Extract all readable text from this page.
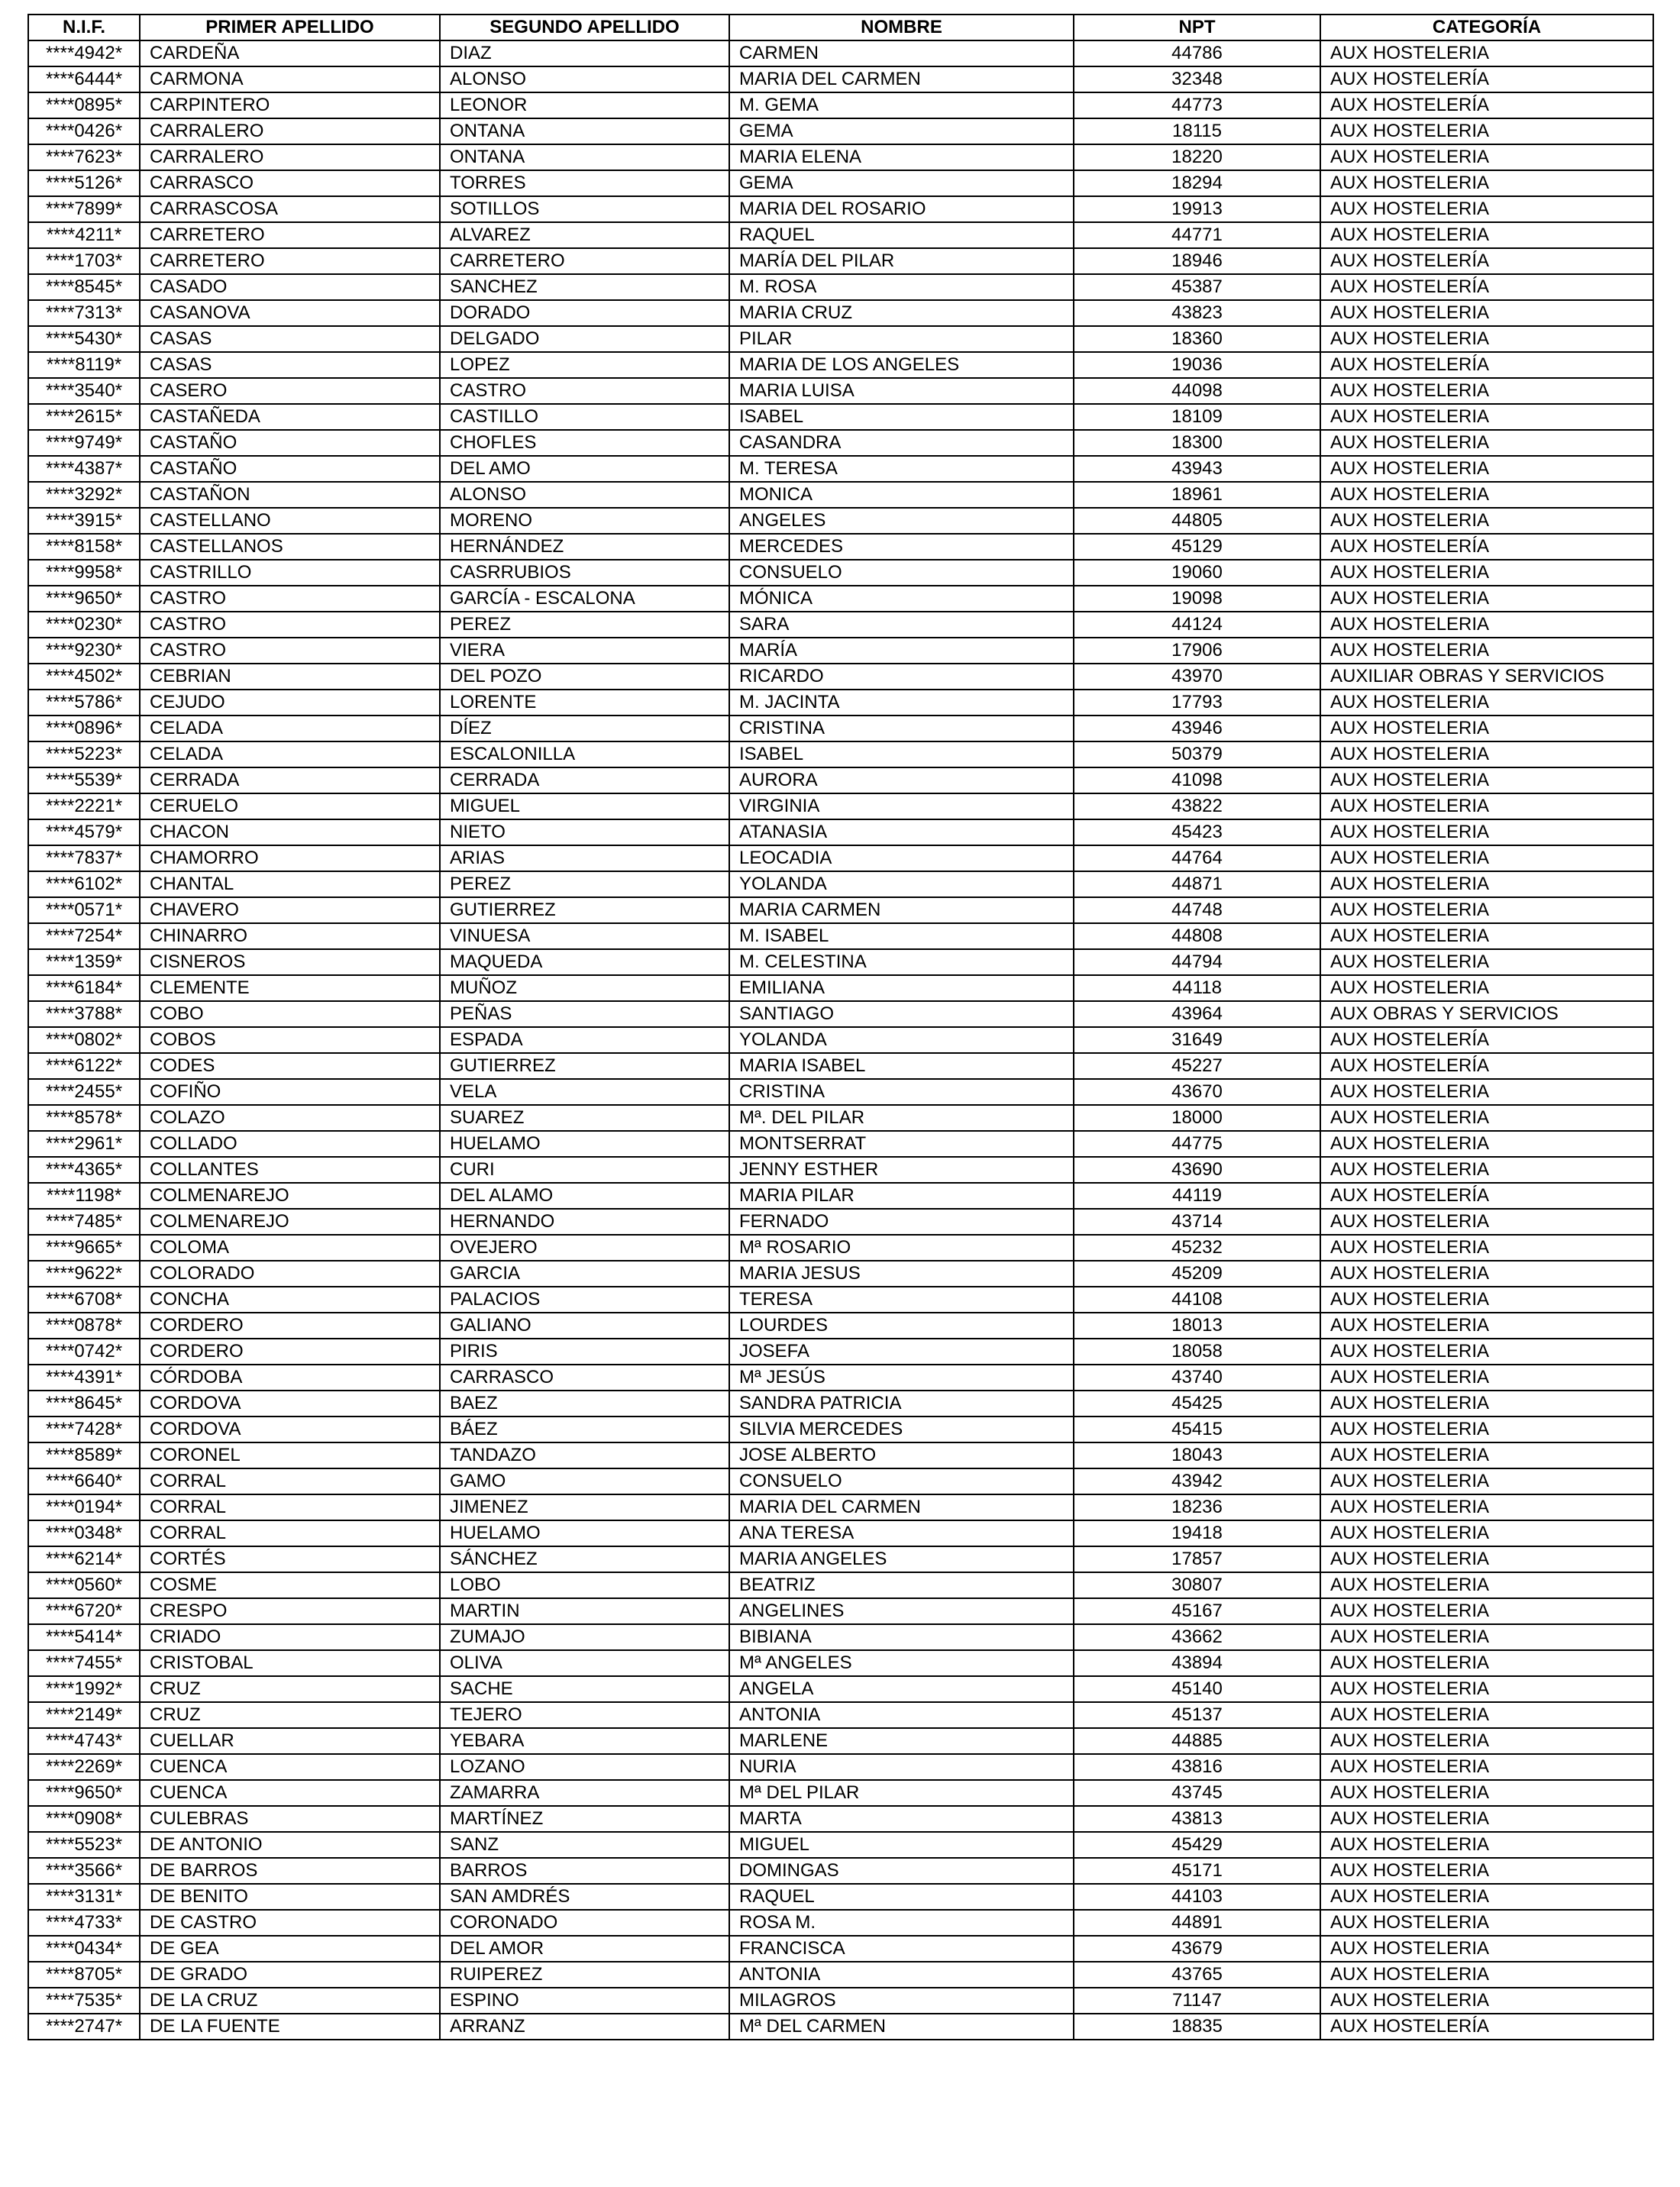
N.I.F.	PRIMER APELLIDO	SEGUNDO APELLIDO	NOMBRE	NPT	CATEGORÍA
****4942*	CARDEÑA	DIAZ	CARMEN	44786	AUX HOSTELERIA
****6444*	CARMONA	ALONSO	MARIA DEL CARMEN	32348	AUX HOSTELERÍA
****0895*	CARPINTERO	LEONOR	M. GEMA	44773	AUX HOSTELERÍA
****0426*	CARRALERO	ONTANA	GEMA	18115	AUX HOSTELERIA
****7623*	CARRALERO	ONTANA	MARIA ELENA	18220	AUX HOSTELERIA
****5126*	CARRASCO	TORRES	GEMA	18294	AUX HOSTELERIA
****7899*	CARRASCOSA	SOTILLOS	MARIA DEL ROSARIO	19913	AUX HOSTELERIA
****4211*	CARRETERO	ALVAREZ	RAQUEL	44771	AUX HOSTELERIA
****1703*	CARRETERO	CARRETERO	MARÍA DEL PILAR	18946	AUX HOSTELERÍA
****8545*	CASADO	SANCHEZ	M. ROSA	45387	AUX HOSTELERÍA
****7313*	CASANOVA	DORADO	MARIA CRUZ	43823	AUX HOSTELERIA
****5430*	CASAS	DELGADO	PILAR	18360	AUX HOSTELERIA
****8119*	CASAS	LOPEZ	MARIA DE LOS ANGELES	19036	AUX HOSTELERÍA
****3540*	CASERO	CASTRO	MARIA LUISA	44098	AUX HOSTELERIA
****2615*	CASTAÑEDA	CASTILLO	ISABEL	18109	AUX HOSTELERIA
****9749*	CASTAÑO	CHOFLES	CASANDRA	18300	AUX HOSTELERIA
****4387*	CASTAÑO	DEL AMO	M. TERESA	43943	AUX HOSTELERIA
****3292*	CASTAÑON	ALONSO	MONICA	18961	AUX HOSTELERIA
****3915*	CASTELLANO	MORENO	ANGELES	44805	AUX HOSTELERIA
****8158*	CASTELLANOS	HERNÁNDEZ	MERCEDES	45129	AUX HOSTELERÍA
****9958*	CASTRILLO	CASRRUBIOS	CONSUELO	19060	AUX HOSTELERIA
****9650*	CASTRO	GARCÍA - ESCALONA	MÓNICA	19098	AUX HOSTELERIA
****0230*	CASTRO	PEREZ	SARA	44124	AUX HOSTELERIA
****9230*	CASTRO	VIERA	MARÍA	17906	AUX HOSTELERIA
****4502*	CEBRIAN	DEL POZO	RICARDO	43970	AUXILIAR OBRAS Y SERVICIOS
****5786*	CEJUDO	LORENTE	M. JACINTA	17793	AUX HOSTELERIA
****0896*	CELADA	DÍEZ	CRISTINA	43946	AUX HOSTELERIA
****5223*	CELADA	ESCALONILLA	ISABEL	50379	AUX HOSTELERIA
****5539*	CERRADA	CERRADA	AURORA	41098	AUX HOSTELERIA
****2221*	CERUELO	MIGUEL	VIRGINIA	43822	AUX HOSTELERIA
****4579*	CHACON	NIETO	ATANASIA	45423	AUX HOSTELERIA
****7837*	CHAMORRO	ARIAS	LEOCADIA	44764	AUX HOSTELERIA
****6102*	CHANTAL	PEREZ	YOLANDA	44871	AUX HOSTELERIA
****0571*	CHAVERO	GUTIERREZ	MARIA CARMEN	44748	AUX HOSTELERIA
****7254*	CHINARRO	VINUESA	M. ISABEL	44808	AUX HOSTELERIA
****1359*	CISNEROS	MAQUEDA	M. CELESTINA	44794	AUX HOSTELERIA
****6184*	CLEMENTE	MUÑOZ	EMILIANA	44118	AUX HOSTELERIA
****3788*	COBO	PEÑAS	SANTIAGO	43964	AUX OBRAS Y SERVICIOS
****0802*	COBOS	ESPADA	YOLANDA	31649	AUX HOSTELERÍA
****6122*	CODES	GUTIERREZ	MARIA ISABEL	45227	AUX HOSTELERÍA
****2455*	COFIÑO	VELA	CRISTINA	43670	AUX HOSTELERIA
****8578*	COLAZO	SUAREZ	Mª. DEL PILAR	18000	AUX HOSTELERIA
****2961*	COLLADO	HUELAMO	MONTSERRAT	44775	AUX HOSTELERIA
****4365*	COLLANTES	CURI	JENNY ESTHER	43690	AUX HOSTELERIA
****1198*	COLMENAREJO	DEL ALAMO	MARIA PILAR	44119	AUX HOSTELERÍA
****7485*	COLMENAREJO	HERNANDO	FERNADO	43714	AUX HOSTELERIA
****9665*	COLOMA	OVEJERO	Mª ROSARIO	45232	AUX HOSTELERIA
****9622*	COLORADO	GARCIA	MARIA JESUS	45209	AUX HOSTELERIA
****6708*	CONCHA	PALACIOS	TERESA	44108	AUX HOSTELERIA
****0878*	CORDERO	GALIANO	LOURDES	18013	AUX HOSTELERIA
****0742*	CORDERO	PIRIS	JOSEFA	18058	AUX HOSTELERIA
****4391*	CÓRDOBA	CARRASCO	Mª JESÚS	43740	AUX HOSTELERIA
****8645*	CORDOVA	BAEZ	SANDRA PATRICIA	45425	AUX HOSTELERIA
****7428*	CORDOVA	BÁEZ	SILVIA MERCEDES	45415	AUX HOSTELERIA
****8589*	CORONEL	TANDAZO	JOSE ALBERTO	18043	AUX HOSTELERIA
****6640*	CORRAL	GAMO	CONSUELO	43942	AUX HOSTELERIA
****0194*	CORRAL	JIMENEZ	MARIA DEL CARMEN	18236	AUX HOSTELERIA
****0348*	CORRAL	HUELAMO	ANA TERESA	19418	AUX HOSTELERIA
****6214*	CORTÉS	SÁNCHEZ	MARIA ANGELES	17857	AUX HOSTELERIA
****0560*	COSME	LOBO	BEATRIZ	30807	AUX HOSTELERIA
****6720*	CRESPO	MARTIN	ANGELINES	45167	AUX HOSTELERIA
****5414*	CRIADO	ZUMAJO	BIBIANA	43662	AUX HOSTELERIA
****7455*	CRISTOBAL	OLIVA	Mª ANGELES	43894	AUX HOSTELERIA
****1992*	CRUZ	SACHE	ANGELA	45140	AUX HOSTELERIA
****2149*	CRUZ	TEJERO	ANTONIA	45137	AUX HOSTELERIA
****4743*	CUELLAR	YEBARA	MARLENE	44885	AUX HOSTELERIA
****2269*	CUENCA	LOZANO	NURIA	43816	AUX HOSTELERIA
****9650*	CUENCA	ZAMARRA	Mª DEL PILAR	43745	AUX HOSTELERIA
****0908*	CULEBRAS	MARTÍNEZ	MARTA	43813	AUX HOSTELERIA
****5523*	DE ANTONIO	SANZ	MIGUEL	45429	AUX HOSTELERIA
****3566*	DE BARROS	BARROS	DOMINGAS	45171	AUX HOSTELERIA
****3131*	DE BENITO	SAN AMDRÉS	RAQUEL	44103	AUX HOSTELERIA
****4733*	DE CASTRO	CORONADO	ROSA M.	44891	AUX HOSTELERIA
****0434*	DE GEA	DEL AMOR	FRANCISCA	43679	AUX HOSTELERIA
****8705*	DE GRADO	RUIPEREZ	ANTONIA	43765	AUX HOSTELERIA
****7535*	DE LA CRUZ	ESPINO	MILAGROS	71147	AUX HOSTELERIA
****2747*	DE LA FUENTE	ARRANZ	Mª DEL CARMEN	18835	AUX HOSTELERÍA
